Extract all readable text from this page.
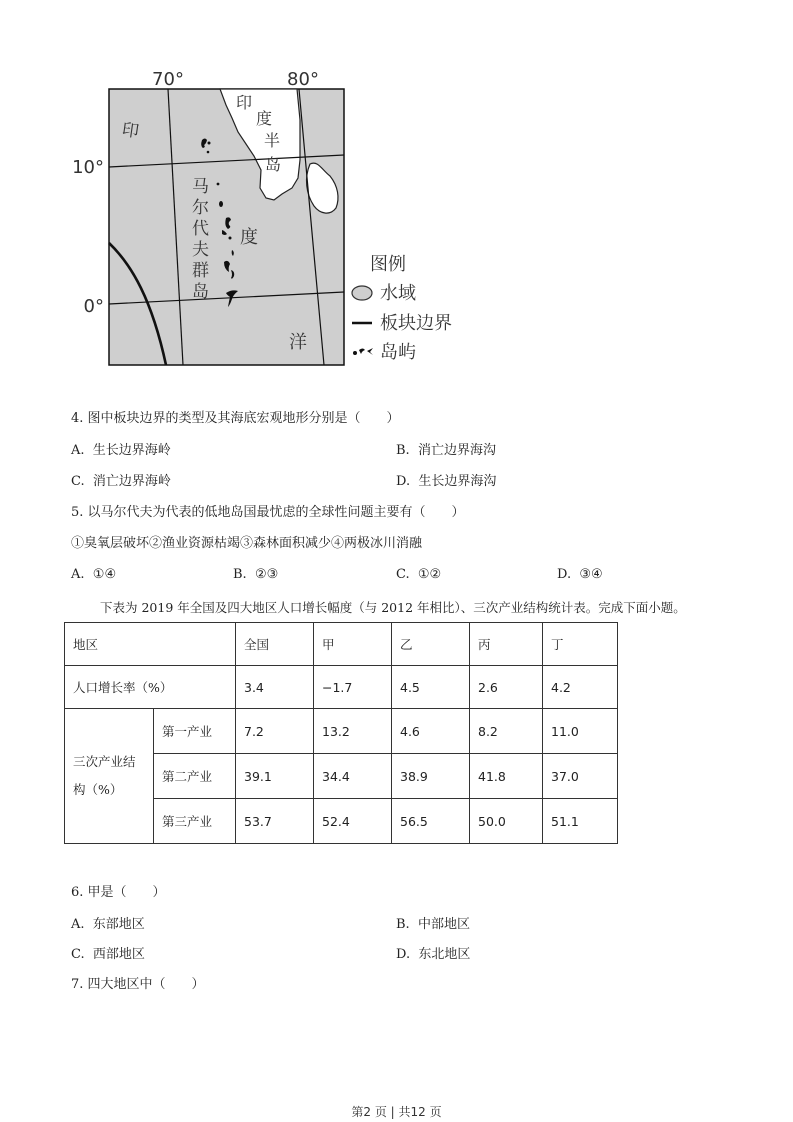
70°	80°
10°
0°
印
印
度
半
岛
马
尔
代
夫
群
岛
度
洋
图例
水域
板块边界
岛屿
4. 图中板块边界的类型及其海底宏观地形分别是（　　）
A. 生长边界海岭	B. 消亡边界海沟
C. 消亡边界海岭	D. 生长边界海沟
5. 以马尔代夫为代表的低地岛国最忧虑的全球性问题主要有（　　）
①臭氧层破坏②渔业资源枯竭③森林面积减少④两极冰川消融
A. ①④	B. ②③	C. ①②	D. ③④
下表为 2019 年全国及四大地区人口增长幅度（与 2012 年相比）、三次产业结构统计表。完成下面小题。
地区		全国	甲	乙	丙	丁
人口增长率（%）		3.4	−1.7	4.5	2.6	4.2
三次产业结
构（%）	第一产业	7.2	13.2	4.6	8.2	11.0
	第二产业	39.1	34.4	38.9	41.8	37.0
	第三产业	53.7	52.4	56.5	50.0	51.1
6. 甲是（　　）
A. 东部地区	B. 中部地区
C. 西部地区	D. 东北地区
7. 四大地区中（　　）
第2 页 | 共12 页
